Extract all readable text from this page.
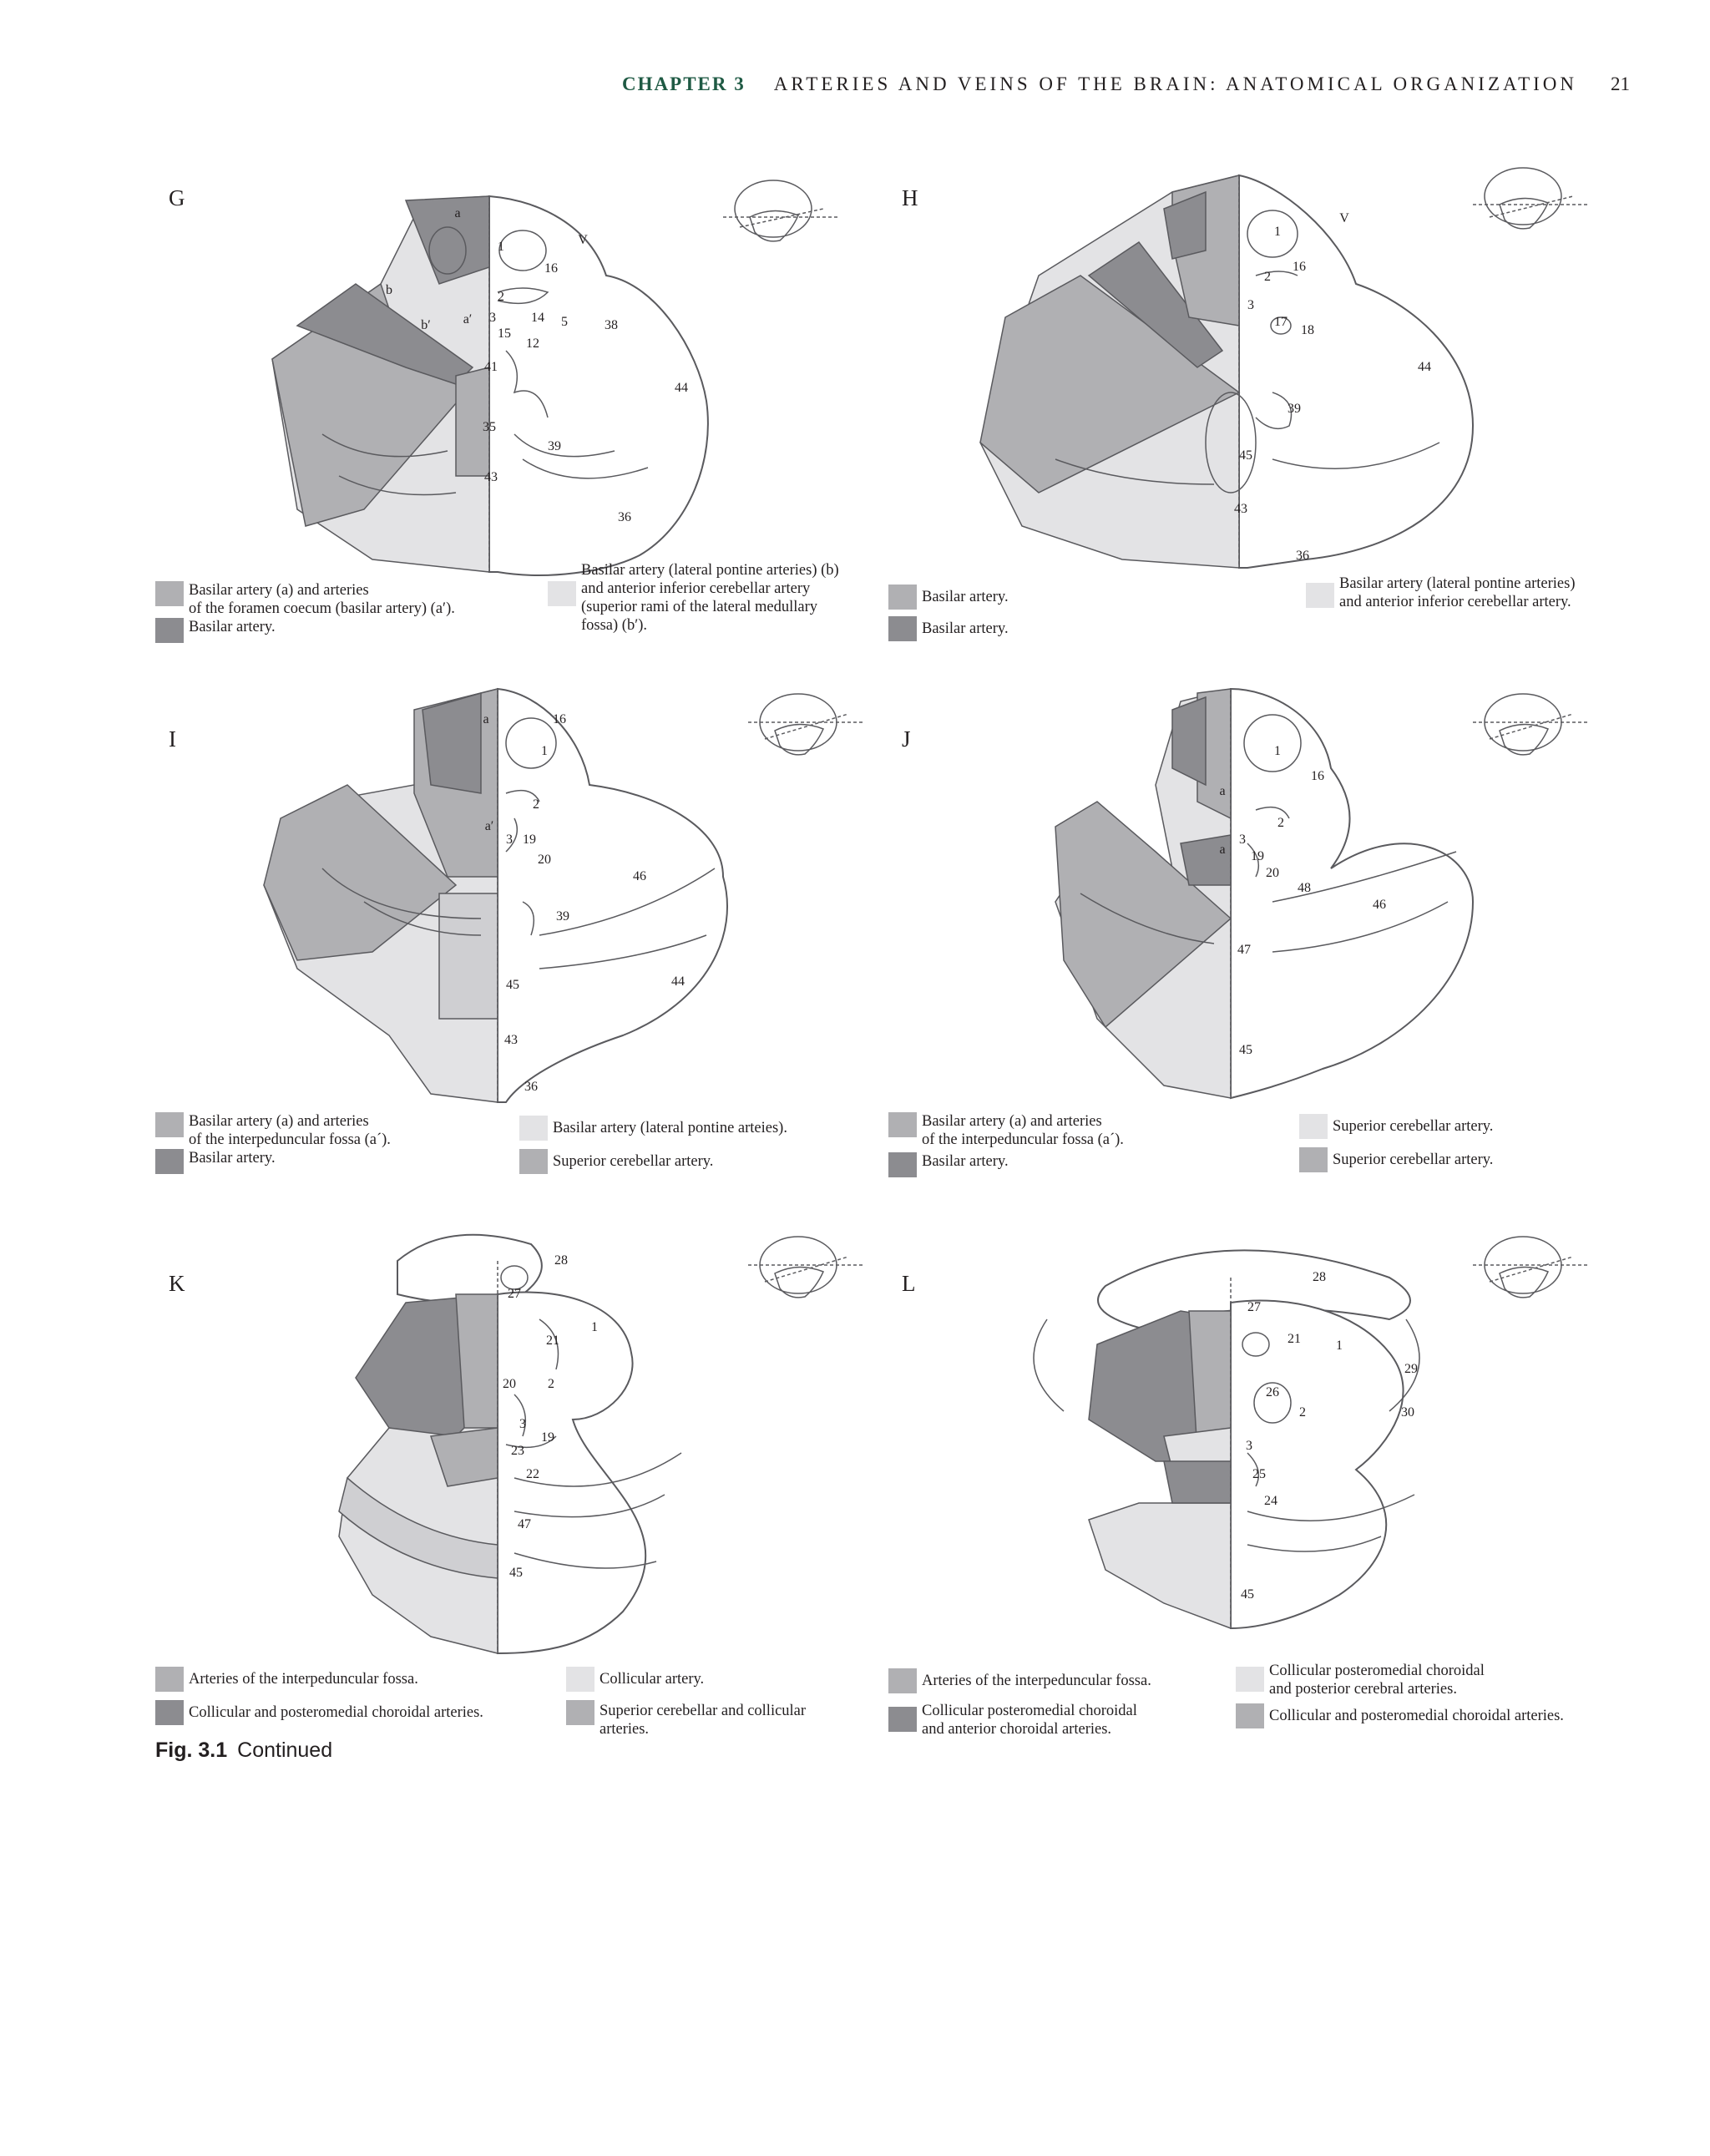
CHAPTER 3 ARTERIES AND VEINS OF THE BRAIN: ANATOMICAL ORGANIZATION 21
G
a
b
b′ a′
V
1
16
2
3	14
15
5
12
38
41
44
35
39
43
36
Basilar artery (a) and arteries
of the foramen coecum (basilar artery) (a′).
Basilar artery.
Basilar artery (lateral pontine arteries) (b)
and anterior inferior cerebellar artery
(superior rami of the lateral medullary
fossa) (b′).
H
1
V
16
2
3
17
18
44
39
45
43
36
Basilar artery.
Basilar artery.
Basilar artery (lateral pontine arteries)
and anterior inferior cerebellar artery.
I
a	16
1
2
a′
3 19
20
46
39
44
45
43
36
Basilar artery (a) and arteries
of the interpeduncular fossa (a´).
Basilar artery.
Basilar artery (lateral pontine arteies).
Superior cerebellar artery.
J	1
16
a
2
3
a 19
20
48
46
47
45
Basilar artery (a) and arteries
of the interpeduncular fossa (a´).
Basilar artery.
Superior cerebellar artery.
Superior cerebellar artery.
K
28
27
1
21
20 2
3
19
23
22
47
45
Arteries of the interpeduncular fossa.
Collicular and posteromedial choroidal arteries.
Collicular artery.
Superior cerebellar and collicular
arteries.
L	28
27
21	1
29
26
2	30
3
25
24
45
Arteries of the interpeduncular fossa.
Collicular posteromedial choroidal
and anterior choroidal arteries.
Collicular posteromedial choroidal
and posterior cerebral arteries.
Collicular and posteromedial choroidal arteries.
Fig. 3.1 Continued
